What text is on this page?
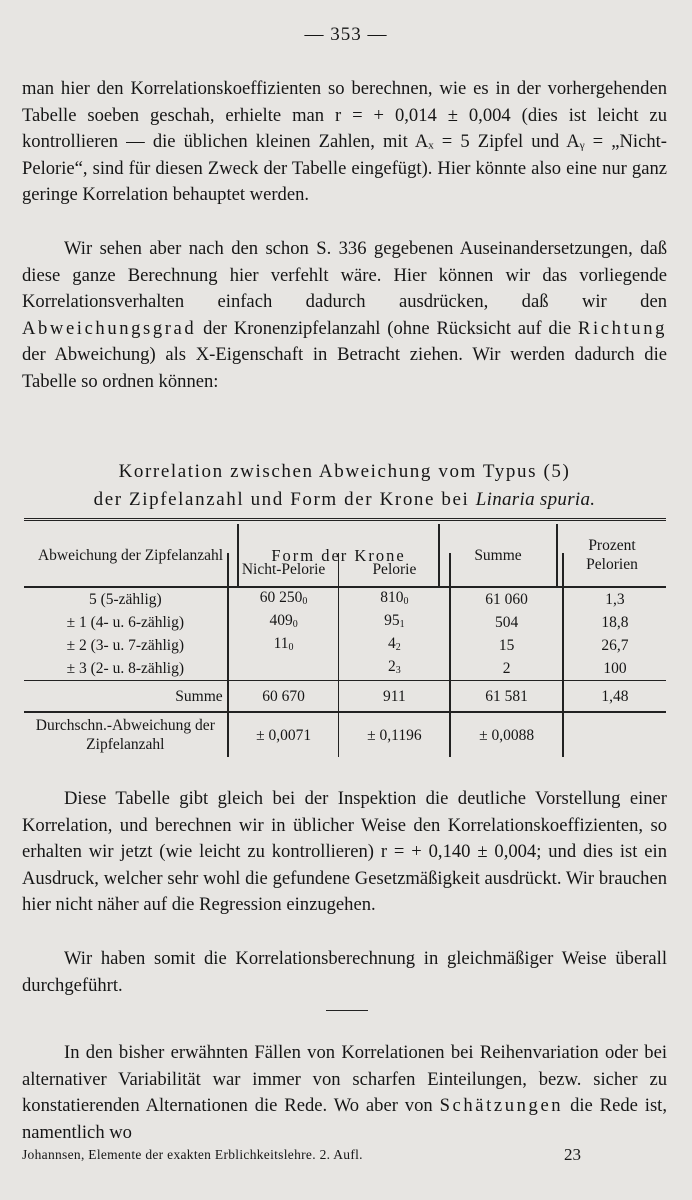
— 353 —

man hier den Korrelationskoeffizienten so berechnen, wie es in der vorhergehenden Tabelle soeben geschah, erhielte man r = + 0,014 ± 0,004 (dies ist leicht zu kontrollieren — die üblichen kleinen Zahlen, mit Aₓ = 5 Zipfel und Aᵧ = „Nicht-Pelorie“, sind für diesen Zweck der Tabelle eingefügt). Hier könnte also eine nur ganz geringe Korrelation behauptet werden.

Wir sehen aber nach den schon S. 336 gegebenen Auseinandersetzungen, daß diese ganze Berechnung hier verfehlt wäre. Hier können wir das vorliegende Korrelationsverhalten einfach dadurch ausdrücken, daß wir den Abweichungsgrad der Kronenzipfelanzahl (ohne Rücksicht auf die Richtung der Abweichung) als X-Eigenschaft in Betracht ziehen. Wir werden dadurch die Tabelle so ordnen können:

Korrelation zwischen Abweichung vom Typus (5)
der Zipfelanzahl und Form der Krone bei Linaria spuria.

Abweichung der Zipfelanzahl	Form der Krone	Summe	Prozent Pelorien
	Nicht-Pelorie	Pelorie		
5 (5-zählig)	60 $250_0$	$810_0$	61 060	1,3
± 1 (4- u. 6-zählig)	$409_0$	$95_1$	504	18,8
± 2 (3- u. 7-zählig)	$11_0$	$4_2$	15	26,7
± 3 (2- u. 8-zählig)		$2_3$	2	100
Summe	60 670	911	61 581	1,48
Durchschn.-Abweichung der Zipfelanzahl	± 0,0071	± 0,1196	± 0,0088	

Diese Tabelle gibt gleich bei der Inspektion die deutliche Vorstellung einer Korrelation, und berechnen wir in üblicher Weise den Korrelationskoeffizienten, so erhalten wir jetzt (wie leicht zu kontrollieren) r = + 0,140 ± 0,004; und dies ist ein Ausdruck, welcher sehr wohl die gefundene Gesetzmäßigkeit ausdrückt. Wir brauchen hier nicht näher auf die Regression einzugehen.

Wir haben somit die Korrelationsberechnung in gleichmäßiger Weise überall durchgeführt.

In den bisher erwähnten Fällen von Korrelationen bei Reihenvariation oder bei alternativer Variabilität war immer von scharfen Einteilungen, bezw. sicher zu konstatierenden Alternationen die Rede. Wo aber von Schätzungen die Rede ist, namentlich wo

Johannsen, Elemente der exakten Erblichkeitslehre. 2. Aufl.	23
